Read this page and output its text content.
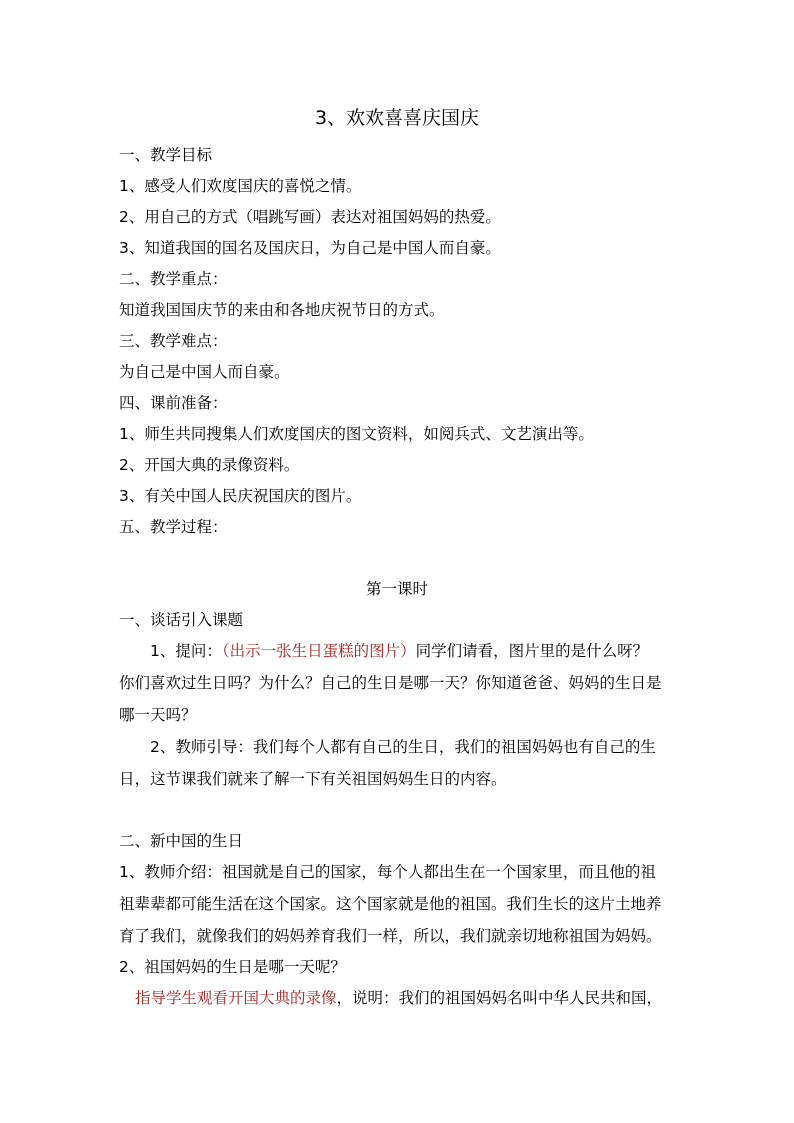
3、欢欢喜喜庆国庆
一、教学目标
1、感受人们欢度国庆的喜悦之情。
2、用自己的方式（唱跳写画）表达对祖国妈妈的热爱。
3、知道我国的国名及国庆日，为自己是中国人而自豪。
二、教学重点：
知道我国国庆节的来由和各地庆祝节日的方式。
三、教学难点：
为自己是中国人而自豪。
四、课前准备：
1、师生共同搜集人们欢度国庆的图文资料，如阅兵式、文艺演出等。
2、开国大典的录像资料。
3、有关中国人民庆祝国庆的图片。
五、教学过程：
第一课时
一、谈话引入课题
1、提问：（出示一张生日蛋糕的图片）同学们请看，图片里的是什么呀？
你们喜欢过生日吗？为什么？自己的生日是哪一天？你知道爸爸、妈妈的生日是
哪一天吗？
2、教师引导：我们每个人都有自己的生日，我们的祖国妈妈也有自己的生
日，这节课我们就来了解一下有关祖国妈妈生日的内容。
二、新中国的生日
1、教师介绍：祖国就是自己的国家，每个人都出生在一个国家里，而且他的祖
祖辈辈都可能生活在这个国家。这个国家就是他的祖国。我们生长的这片土地养
育了我们，就像我们的妈妈养育我们一样，所以，我们就亲切地称祖国为妈妈。
2、祖国妈妈的生日是哪一天呢？
指导学生观看开国大典的录像，说明：我们的祖国妈妈名叫中华人民共和国，
